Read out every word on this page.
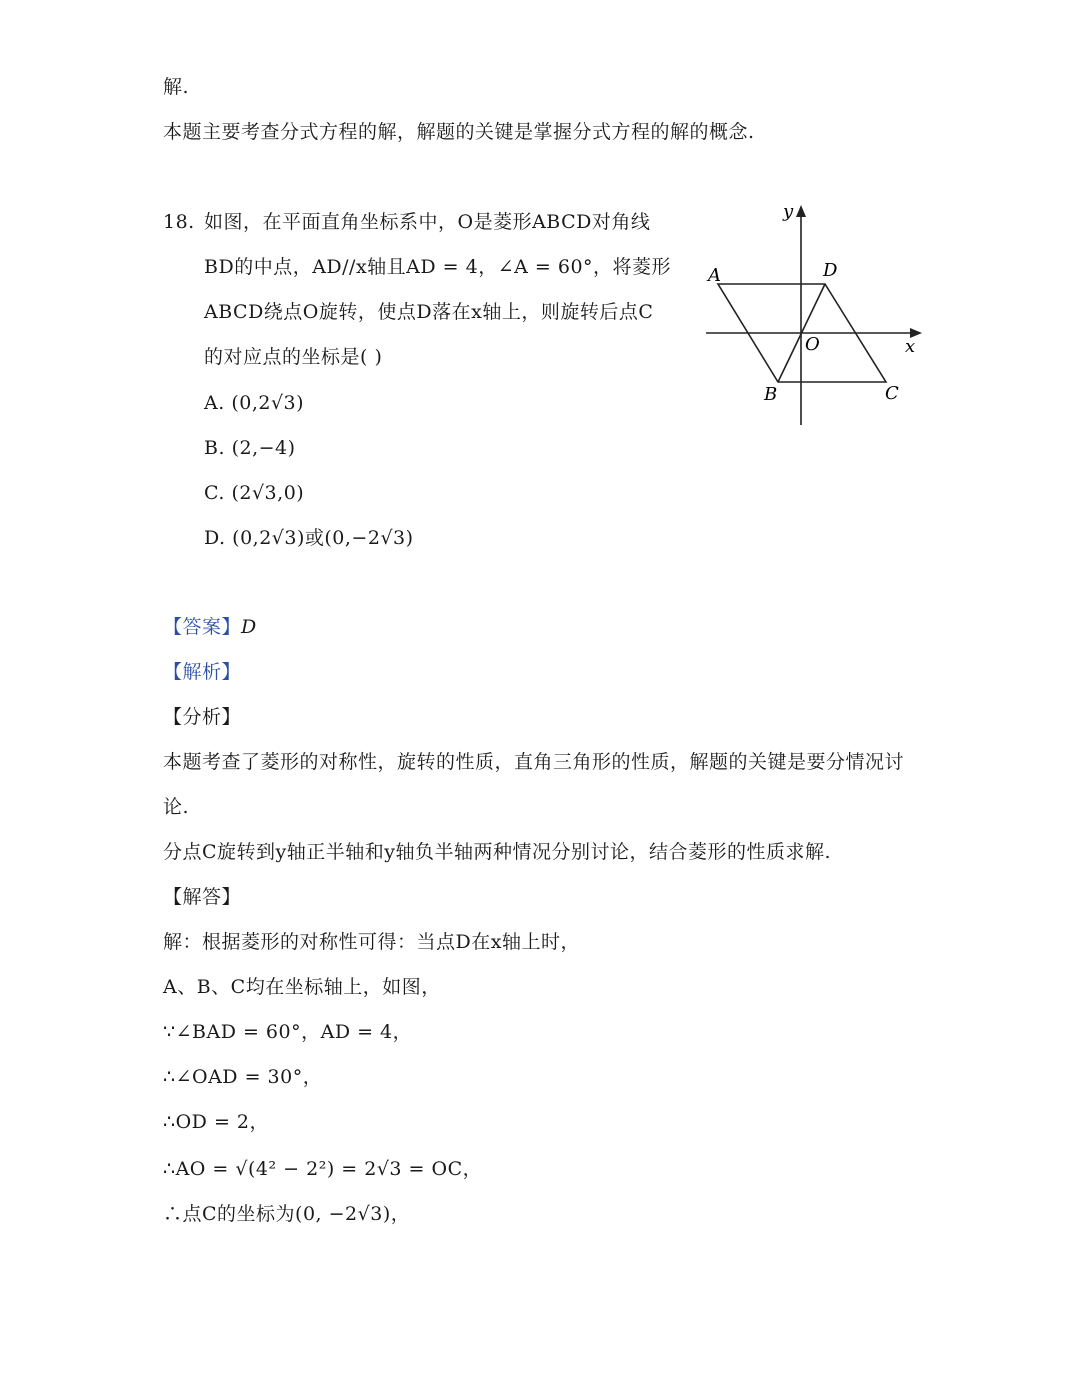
解.
本题主要考查分式方程的解，解题的关键是掌握分式方程的解的概念.
18. 如图，在平面直角坐标系中，O是菱形ABCD对角线
BD的中点，AD//x轴且AD = 4，∠A = 60°，将菱形
ABCD绕点O旋转，使点D落在x轴上，则旋转后点C
的对应点的坐标是( )
A. (0,2√3)
B. (2,−4)
C. (2√3,0)
D. (0,2√3)或(0,−2√3)
y
x
A	D
O
B	C
【答案】D
【解析】
【分析】
本题考查了菱形的对称性，旋转的性质，直角三角形的性质，解题的关键是要分情况讨
论.
分点C旋转到y轴正半轴和y轴负半轴两种情况分别讨论，结合菱形的性质求解.
【解答】
解：根据菱形的对称性可得：当点D在x轴上时，
A、B、C均在坐标轴上，如图，
∵∠BAD = 60°，AD = 4，
∴∠OAD = 30°，
∴OD = 2，
∴AO = √(4² − 2²) = 2√3 = OC，
∴点C的坐标为(0, −2√3)，
